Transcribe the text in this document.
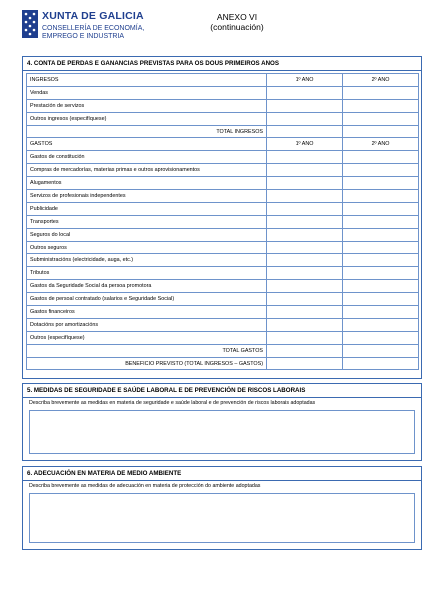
XUNTA DE GALICIA
CONSELLERÍA DE ECONOMÍA,
EMPREGO E INDUSTRIA
ANEXO VI
(continuación)
4. CONTA DE PERDAS E GANANCIAS PREVISTAS PARA OS DOUS PRIMEIROS ANOS
INGRESOS	1º ANO	2º ANO
Vendas		
Prestación de servizos		
Outros ingresos (especifíquese)		
TOTAL INGRESOS		
GASTOS	1º ANO	2º ANO
Gastos de constitución		
Compras de mercadorías, materias primas e outros aprovisionamentos		
Alugamentos		
Servizos de profesionais independentes		
Publicidade		
Transportes		
Seguros do local		
Outros seguros		
Subministracións (electricidade, auga, etc.)		
Tributos		
Gastos da Seguridade Social da persoa promotora		
Gastos de persoal contratado (salarios e Seguridade Social)		
Gastos financeiros		
Dotacións por amortizacións		
Outros (especifíquese)		
TOTAL GASTOS		
BENEFICIO PREVISTO (TOTAL INGRESOS – GASTOS)		
5. MEDIDAS DE SEGURIDADE E SAÚDE LABORAL E DE PREVENCIÓN DE RISCOS LABORAIS
Describa brevemente as medidas en materia de seguridade e saúde laboral e de prevención de riscos laborais adoptadas
6. ADECUACIÓN EN MATERIA DE MEDIO AMBIENTE
Describa brevemente as medidas de adecuación en materia de protección do ambiente adoptadas
